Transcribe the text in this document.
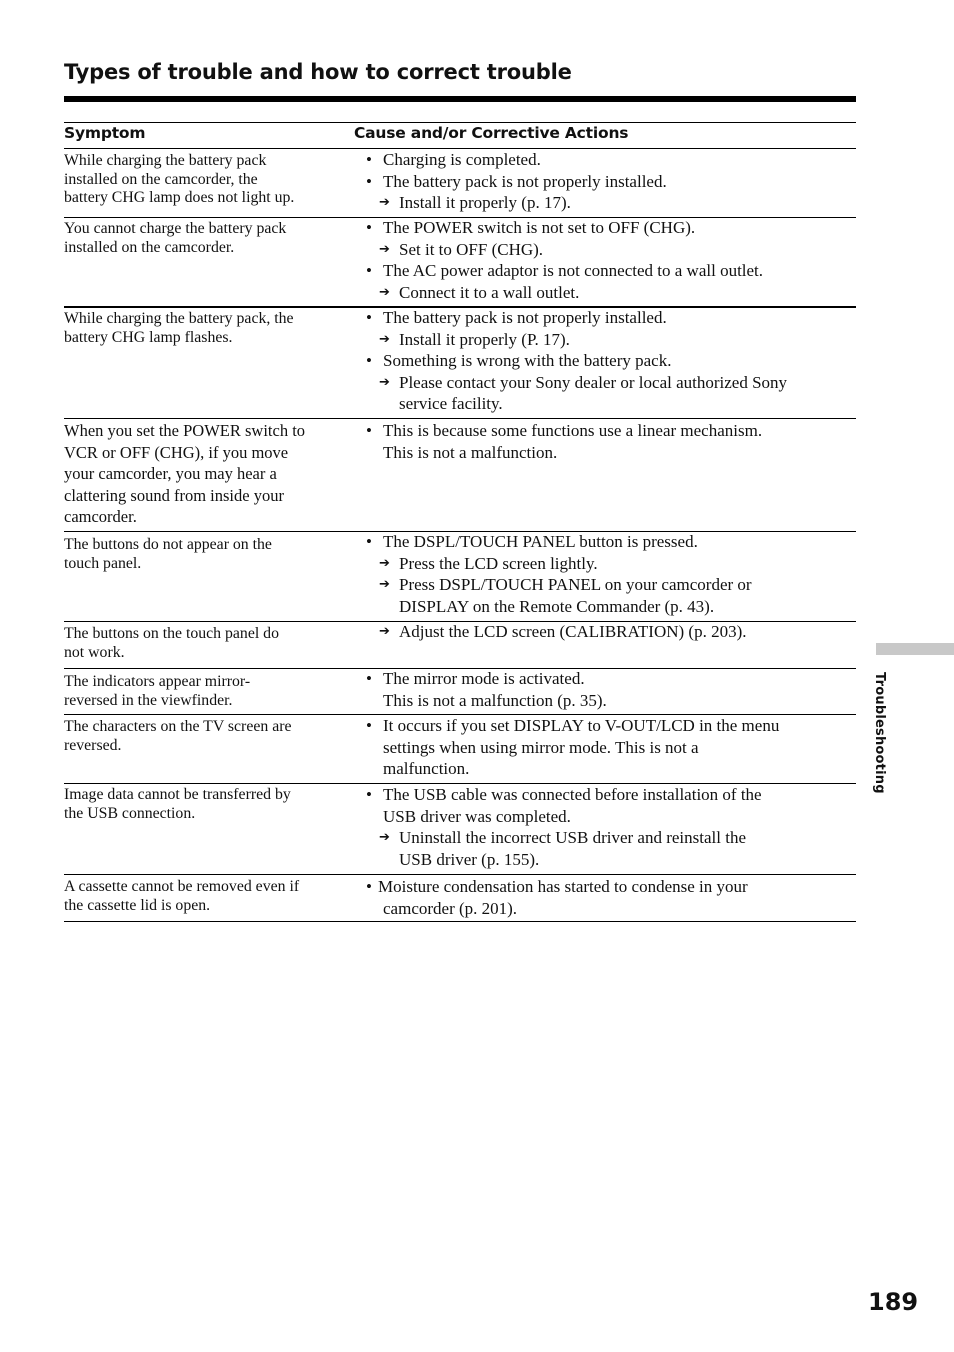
Types of trouble and how to correct trouble
Symptom	Cause and/or Corrective Actions
While charging the battery pack
installed on the camcorder, the
battery CHG lamp does not light up.
• Charging is completed.
• The battery pack is not properly installed.
➔ Install it properly (p. 17).
You cannot charge the battery pack
installed on the camcorder.
• The POWER switch is not set to OFF (CHG).
➔ Set it to OFF (CHG).
• The AC power adaptor is not connected to a wall outlet.
➔ Connect it to a wall outlet.
While charging the battery pack, the
battery CHG lamp flashes.
• The battery pack is not properly installed.
➔ Install it properly (P. 17).
• Something is wrong with the battery pack.
➔ Please contact your Sony dealer or local authorized Sony
service facility.
When you set the POWER switch to
VCR or OFF (CHG), if you move
your camcorder, you may hear a
clattering sound from inside your
camcorder.
• This is because some functions use a linear mechanism.
This is not a malfunction.
The buttons do not appear on the
touch panel.
• The DSPL/TOUCH PANEL button is pressed.
➔ Press the LCD screen lightly.
➔ Press DSPL/TOUCH PANEL on your camcorder or
DISPLAY on the Remote Commander (p. 43).
The buttons on the touch panel do
not work.
➔ Adjust the LCD screen (CALIBRATION) (p. 203).
The indicators appear mirror-
reversed in the viewfinder.
• The mirror mode is activated.
This is not a malfunction (p. 35).
The characters on the TV screen are
reversed.
• It occurs if you set DISPLAY to V-OUT/LCD in the menu
settings when using mirror mode. This is not a
malfunction.
Image data cannot be transferred by
the USB connection.
• The USB cable was connected before installation of the
USB driver was completed.
➔ Uninstall the incorrect USB driver and reinstall the
USB driver (p. 155).
A cassette cannot be removed even if
the cassette lid is open.
• Moisture condensation has started to condense in your
camcorder (p. 201).
Troubleshooting
189
